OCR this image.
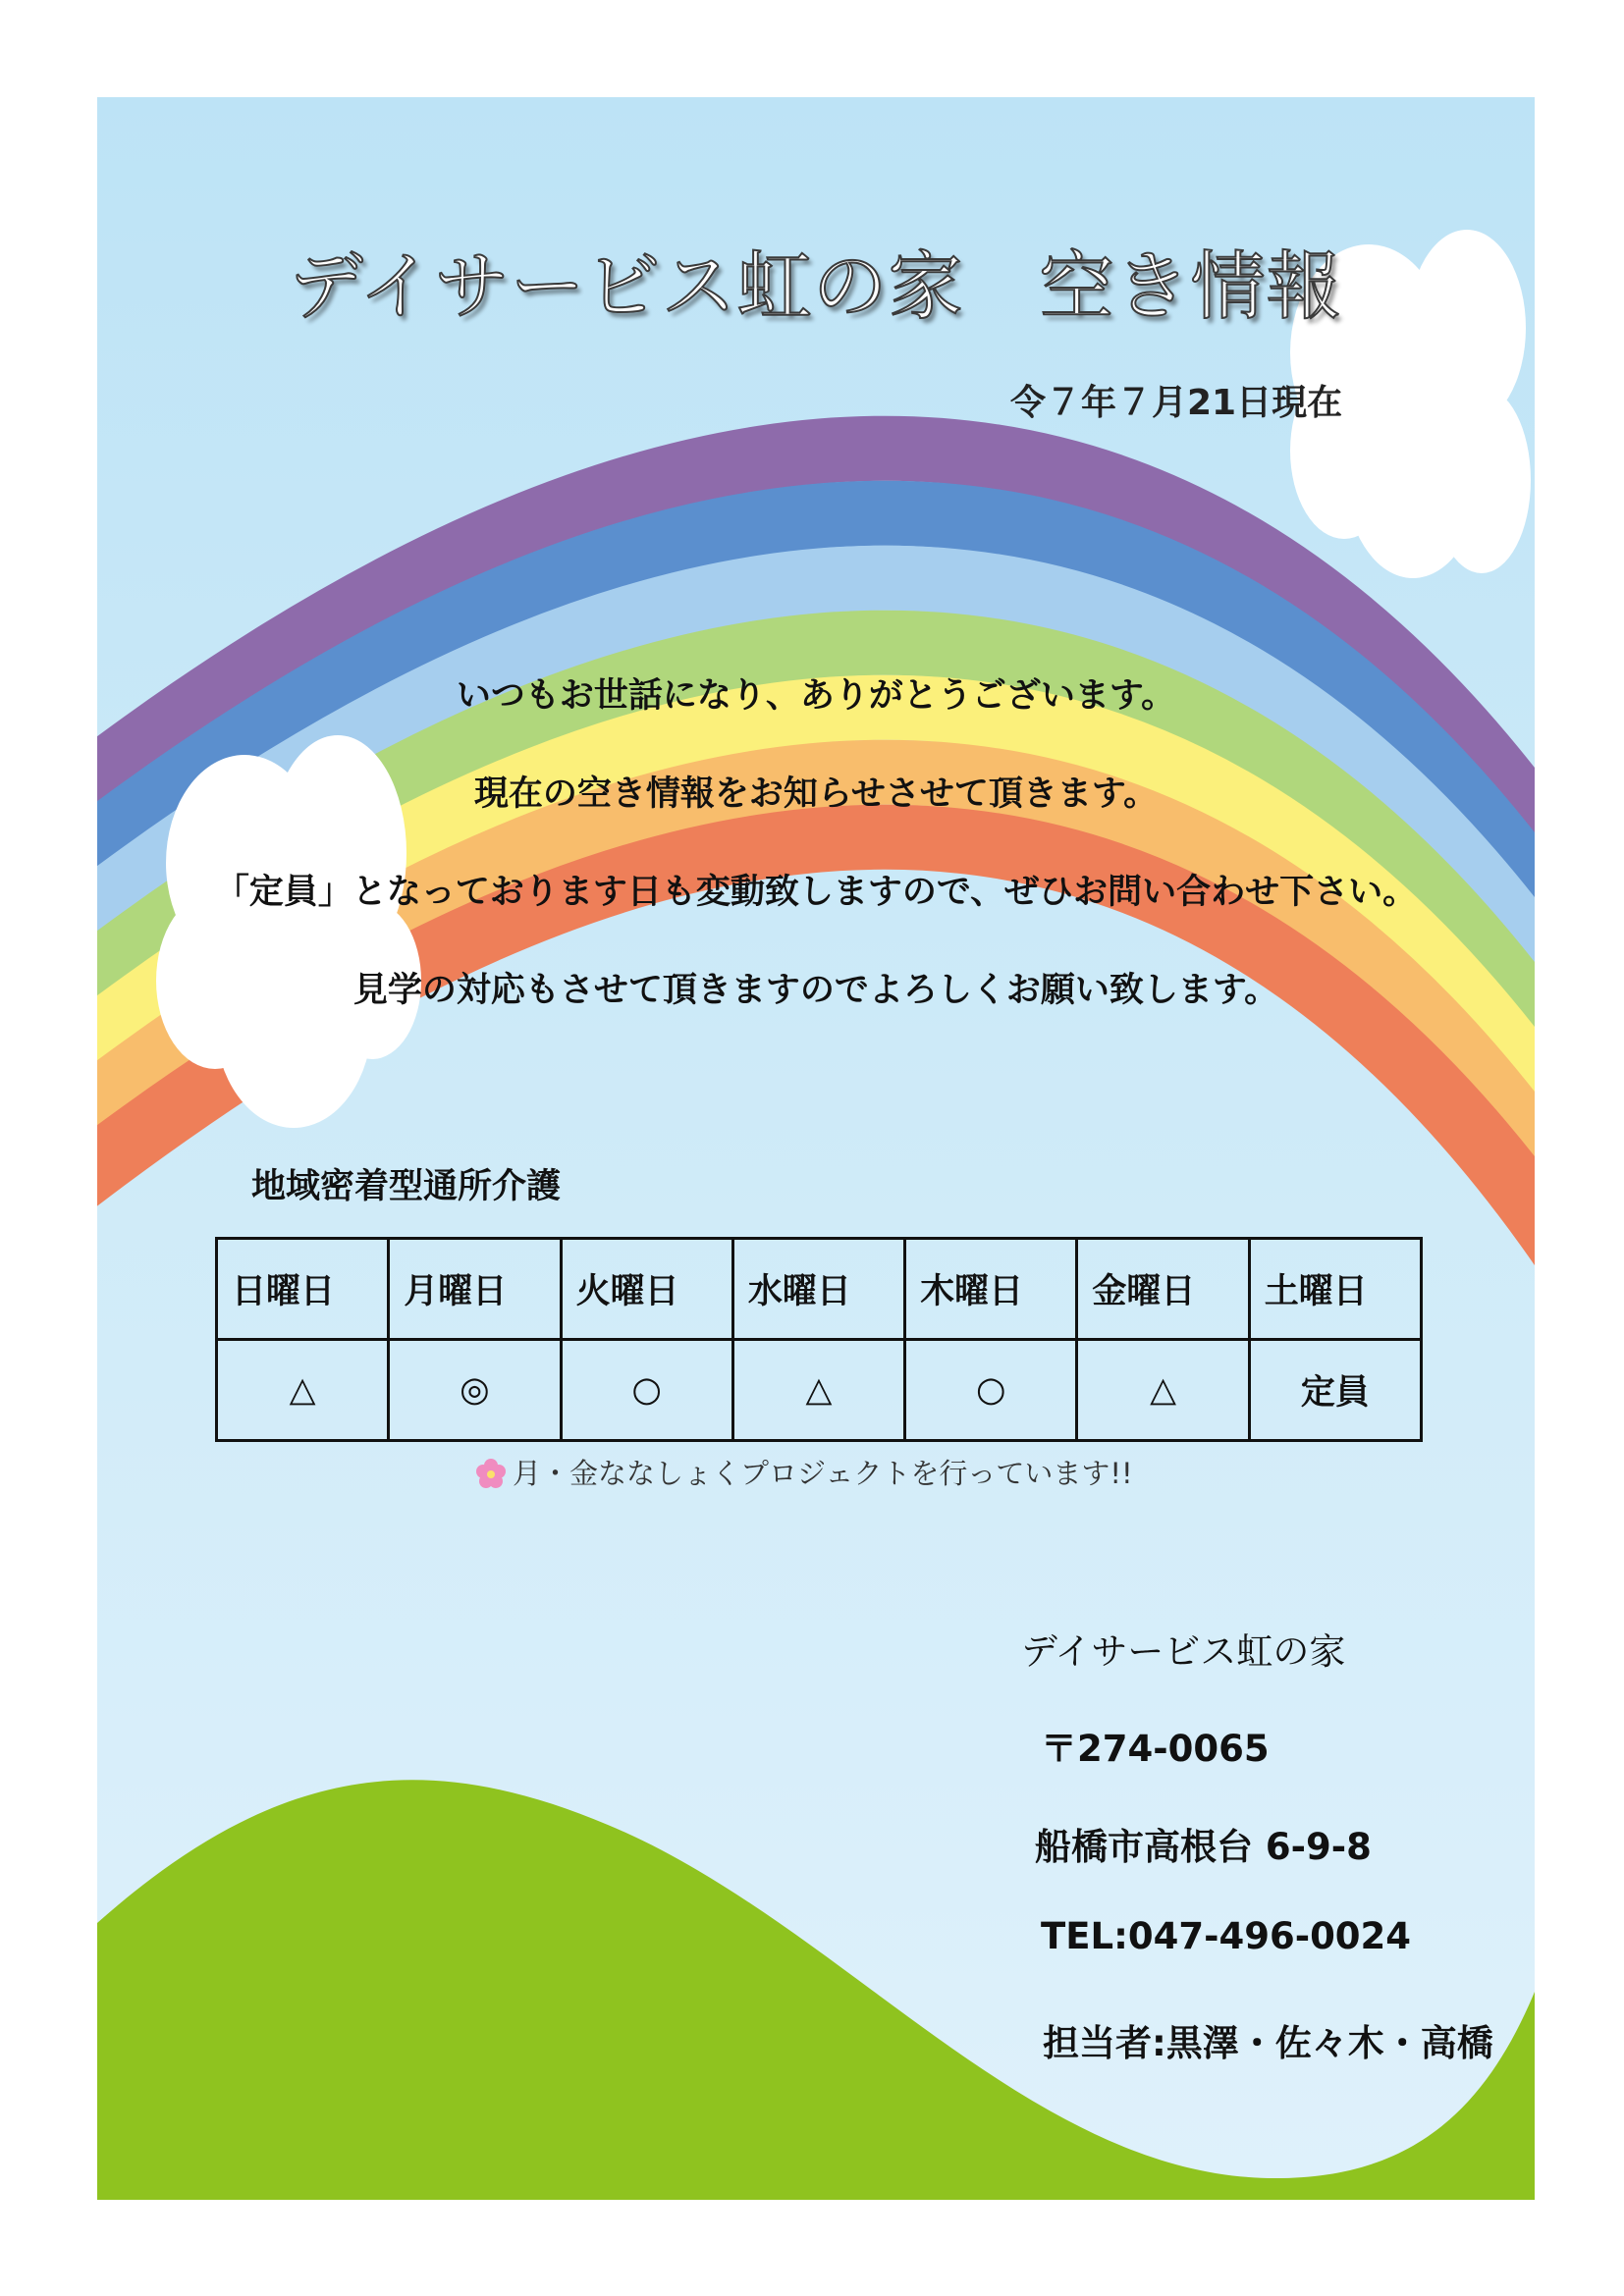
デイサービス虹の家　空き情報
令７年７月21日現在
いつもお世話になり、ありがとうございます。
現在の空き情報をお知らせさせて頂きます。
「定員」となっております日も変動致しますので、ぜひお問い合わせ下さい。
見学の対応もさせて頂きますのでよろしくお願い致します。
地域密着型通所介護
日曜日	月曜日	火曜日	水曜日	木曜日	金曜日	土曜日
△	◎	○	△	○	△	定員
月・金ななしょくプロジェクトを行っています!!
デイサービス虹の家
〒274-0065
船橋市高根台 6-9-8
TEL:047-496-0024
担当者:黒澤・佐々木・高橋
